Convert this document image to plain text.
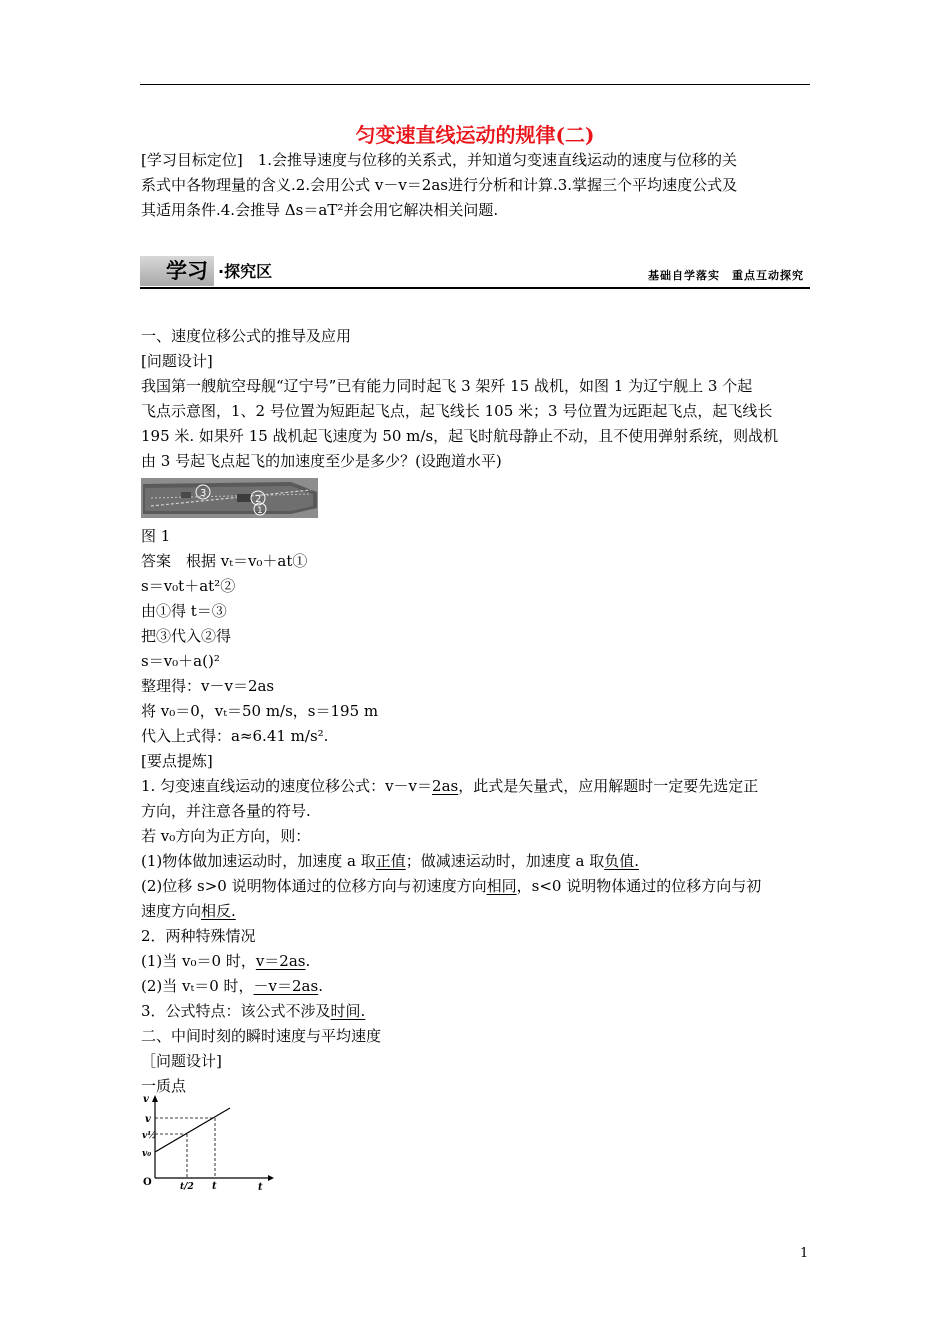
匀变速直线运动的规律(二)
[学习目标定位]　1.会推导速度与位移的关系式，并知道匀变速直线运动的速度与位移的关
系式中各物理量的含义.2.会用公式 v－v＝2as进行分析和计算.3.掌握三个平均速度公式及
其适用条件.4.会推导 Δs＝aT²并会用它解决相关问题.
学习 ·探究区	基础自学落实　重点互动探究
一、速度位移公式的推导及应用
[问题设计]
我国第一艘航空母舰“辽宁号”已有能力同时起飞 3 架歼 15 战机，如图 1 为辽宁舰上 3 个起
飞点示意图，1、2 号位置为短距起飞点，起飞线长 105 米；3 号位置为远距起飞点，起飞线长
195 米. 如果歼 15 战机起飞速度为 50 m/s，起飞时航母静止不动，且不使用弹射系统，则战机
由 3 号起飞点起飞的加速度至少是多少？(设跑道水平)
3
2
1
图 1
答案　根据 vₜ＝v₀＋at①
s＝v₀t＋at²②
由①得 t＝③
把③代入②得
s＝v₀＋a()²
整理得：v－v＝2as
将 v₀＝0，vₜ＝50 m/s，s＝195 m
代入上式得：a≈6.41 m/s².
[要点提炼]
1. 匀变速直线运动的速度位移公式：v－v＝2as，此式是矢量式，应用解题时一定要先选定正
方向，并注意各量的符号.
若 v₀方向为正方向，则：
(1)物体做加速运动时，加速度 a 取正值；做减速运动时，加速度 a 取负值.
(2)位移 s>0 说明物体通过的位移方向与初速度方向相同，s<0 说明物体通过的位移方向与初
速度方向相反.
2．两种特殊情况
(1)当 v₀＝0 时，v＝2as.
(2)当 vₜ＝0 时，－v＝2as.
3．公式特点：该公式不涉及时间.
二、中间时刻的瞬时速度与平均速度
［问题设计]
一质点
v
v
v½
v₀
O	t
t/2 t
1
